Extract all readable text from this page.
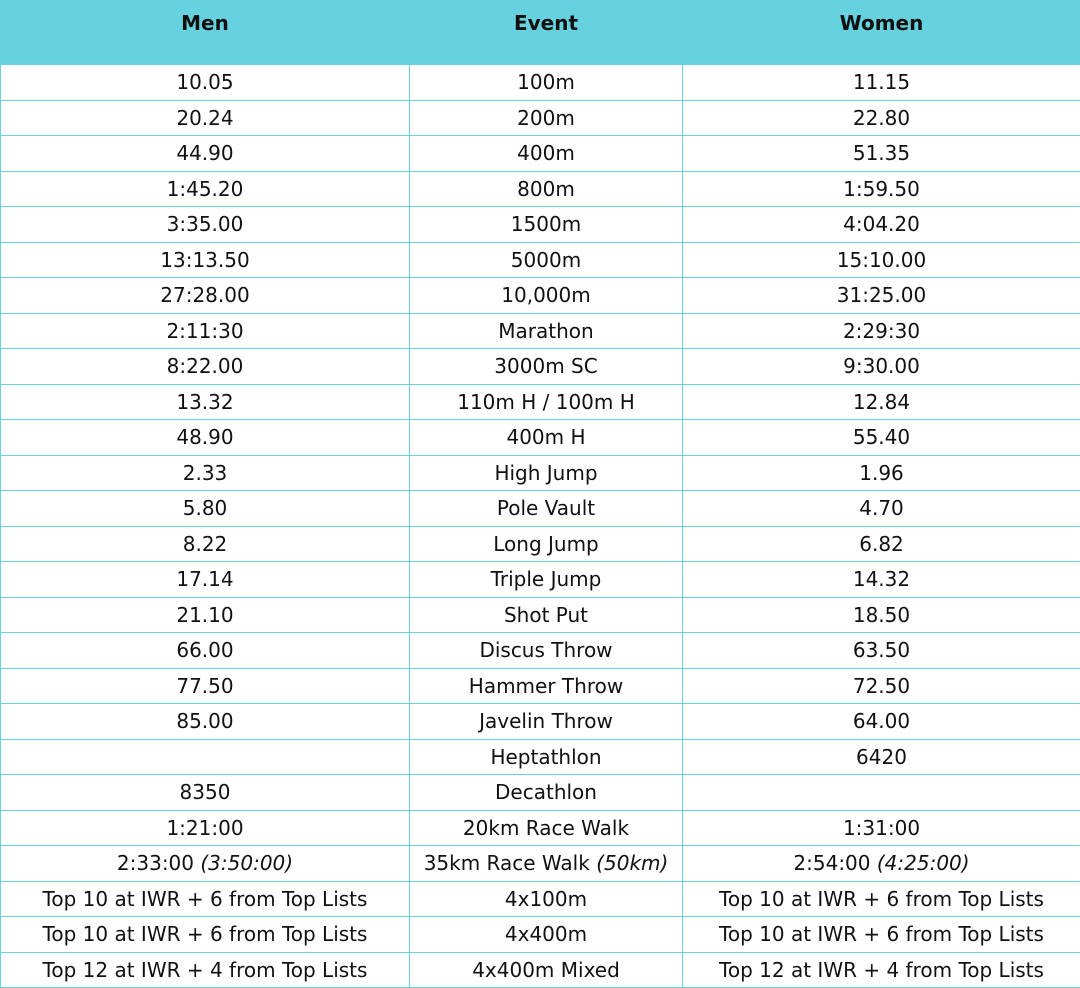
Men	Event	Women
10.05	100m	11.15
20.24	200m	22.80
44.90	400m	51.35
1:45.20	800m	1:59.50
3:35.00	1500m	4:04.20
13:13.50	5000m	15:10.00
27:28.00	10,000m	31:25.00
2:11:30	Marathon	2:29:30
8:22.00	3000m SC	9:30.00
13.32	110m H / 100m H	12.84
48.90	400m H	55.40
2.33	High Jump	1.96
5.80	Pole Vault	4.70
8.22	Long Jump	6.82
17.14	Triple Jump	14.32
21.10	Shot Put	18.50
66.00	Discus Throw	63.50
77.50	Hammer Throw	72.50
85.00	Javelin Throw	64.00
	Heptathlon	6420
8350	Decathlon	
1:21:00	20km Race Walk	1:31:00
2:33:00 (3:50:00)	35km Race Walk (50km)	2:54:00 (4:25:00)
Top 10 at IWR + 6 from Top Lists	4x100m	Top 10 at IWR + 6 from Top Lists
Top 10 at IWR + 6 from Top Lists	4x400m	Top 10 at IWR + 6 from Top Lists
Top 12 at IWR + 4 from Top Lists	4x400m Mixed	Top 12 at IWR + 4 from Top Lists
